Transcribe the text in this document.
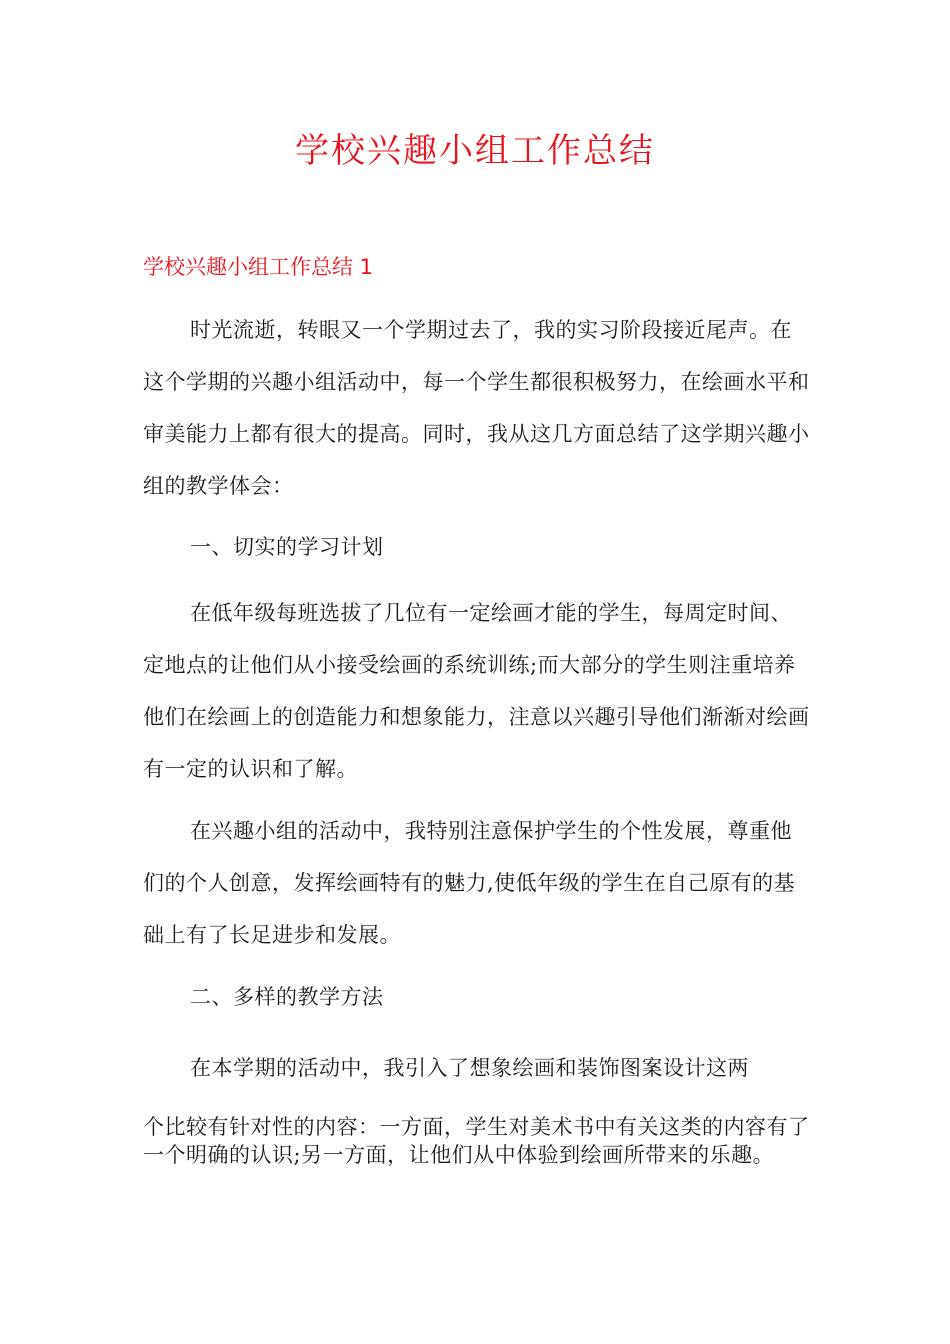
学校兴趣小组工作总结
学校兴趣小组工作总结 1

时光流逝，转眼又一个学期过去了，我的实习阶段接近尾声。在这个学期的兴趣小组活动中，每一个学生都很积极努力，在绘画水平和审美能力上都有很大的提高。同时，我从这几方面总结了这学期兴趣小组的教学体会：

一、切实的学习计划

在低年级每班选拔了几位有一定绘画才能的学生，每周定时间、定地点的让他们从小接受绘画的系统训练;而大部分的学生则注重培养他们在绘画上的创造能力和想象能力，注意以兴趣引导他们渐渐对绘画有一定的认识和了解。

在兴趣小组的活动中，我特别注意保护学生的个性发展，尊重他们的个人创意，发挥绘画特有的魅力,使低年级的学生在自己原有的基础上有了长足进步和发展。

二、多样的教学方法

在本学期的活动中，我引入了想象绘画和装饰图案设计这两

个比较有针对性的内容：一方面，学生对美术书中有关这类的内容有了一个明确的认识;另一方面，让他们从中体验到绘画所带来的乐趣。
